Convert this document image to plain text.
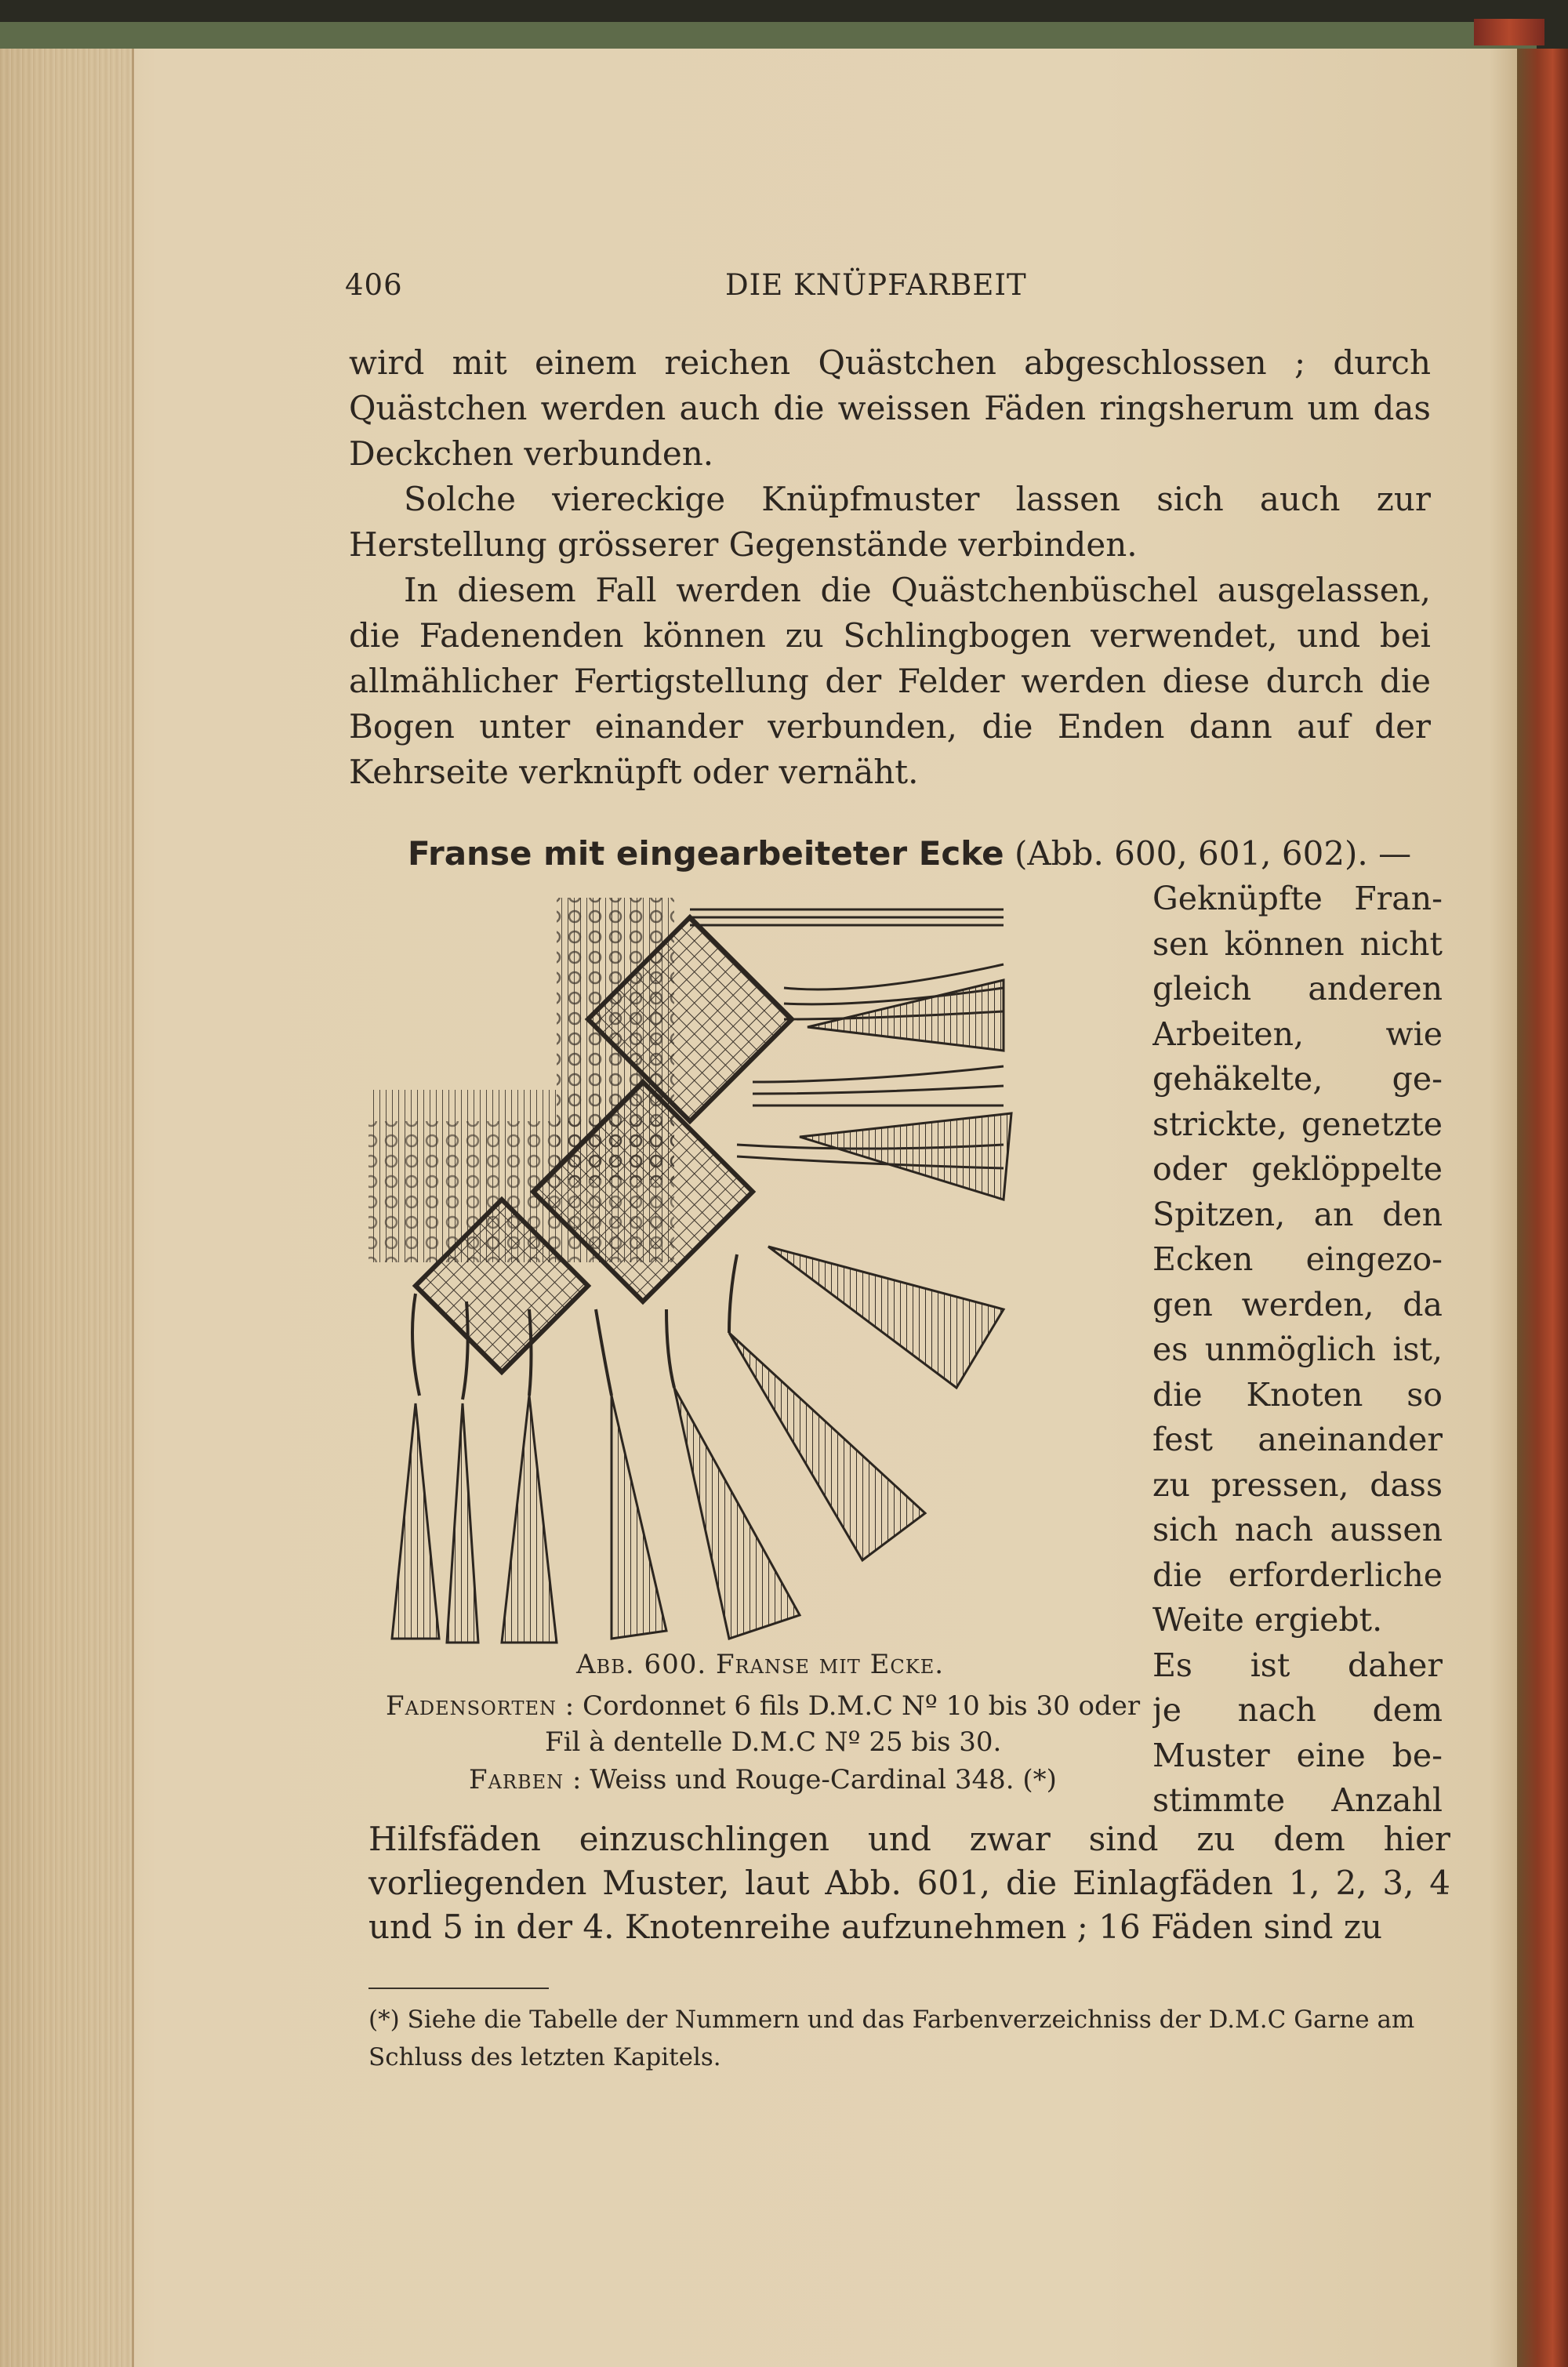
406	DIE KNÜPFARBEIT

wird mit einem reichen Quästchen abgeschlossen ; durch Quästchen werden auch die weissen Fäden ringsherum um das Deckchen verbunden.

Solche viereckige Knüpfmuster lassen sich auch zur Herstellung grösserer Gegenstände verbinden.

In diesem Fall werden die Quästchenbüschel ausgelassen, die Fadenenden können zu Schlingbogen verwendet, und bei allmählicher Fertigstellung der Felder werden diese durch die Bogen unter einander verbunden, die Enden dann auf der Kehrseite verknüpft oder vernäht.

Franse mit eingearbeiteter Ecke (Abb. 600, 601, 602). —
Geknüpfte Fran-
sen können nicht
gleich anderen
Arbeiten, wie
gehäkelte, ge-
strickte, genetzte
oder geklöppelte
Spitzen, an den
Ecken eingezo-
gen werden, da
es unmöglich ist,
die Knoten so
fest aneinander
zu pressen, dass
sich nach aussen
die erforderliche
Weite ergiebt.
Es ist daher
je nach dem
Muster eine be-
stimmte Anzahl
Abb. 600. Franse mit Ecke.
Fadensorten : Cordonnet 6 fils D.M.C Nº 10 bis 30 oder
Fil à dentelle D.M.C Nº 25 bis 30.
Farben : Weiss und Rouge-Cardinal 348. (*)
Hilfsfäden einzuschlingen und zwar sind zu dem hier vorliegenden Muster, laut Abb. 601, die Einlagfäden 1, 2, 3, 4 und 5 in der 4. Knotenreihe aufzunehmen ; 16 Fäden sind zu
(*) Siehe die Tabelle der Nummern und das Farbenverzeichniss der D.M.C Garne am Schluss des letzten Kapitels.
